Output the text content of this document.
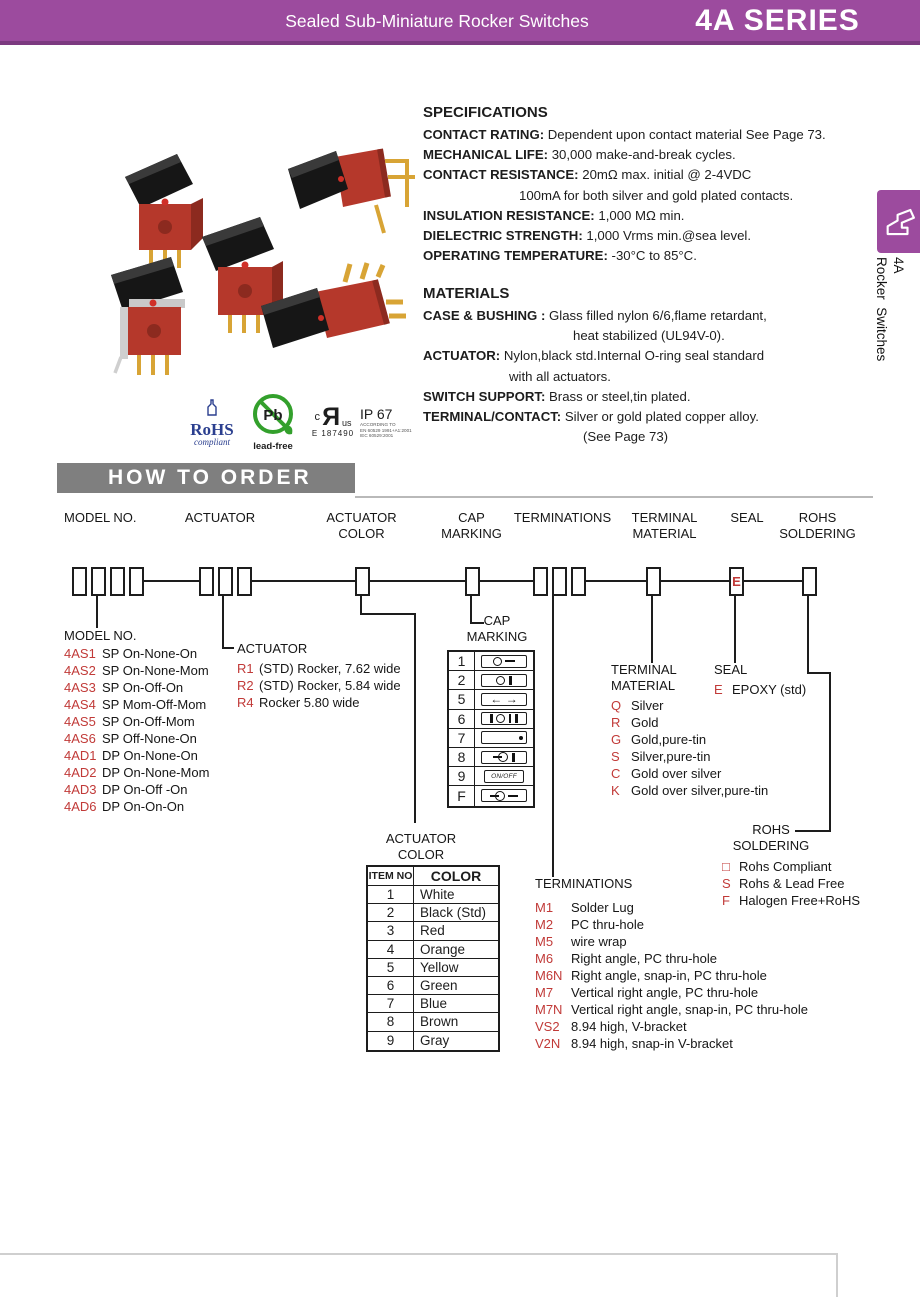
Sealed Sub-Miniature Rocker Switches	4A SERIES
RoHS
compliant
Pb
lead-free
c R us
E 187490
IP 67
ACCORDING TO
EN 60529 1991+A1:2001
IEC 60529:2001
SPECIFICATIONS
CONTACT RATING: Dependent upon contact material See Page 73.
MECHANICAL LIFE: 30,000 make-and-break cycles.
CONTACT RESISTANCE: 20mΩ max. initial @ 2-4VDC
100mA for both silver and gold plated contacts.
INSULATION RESISTANCE: 1,000 MΩ min.
DIELECTRIC STRENGTH: 1,000 Vrms min.@sea level.
OPERATING TEMPERATURE: -30°C to 85°C.
MATERIALS
CASE & BUSHING : Glass filled nylon 6/6,flame retardant,
heat stabilized (UL94V-0).
ACTUATOR: Nylon,black std.Internal O-ring seal standard
with all actuators.
SWITCH SUPPORT: Brass or steel,tin plated.
TERMINAL/CONTACT: Silver or gold plated copper alloy.
(See Page 73)
4A
Rocker  Switches
HOW TO ORDER
MODEL NO.	ACTUATOR	ACTUATOR
COLOR
CAP
MARKING
TERMINATIONS	TERMINAL
MATERIAL
SEAL	ROHS
SOLDERING
E
MODEL NO.
4AS1 SP On-None-On
4AS2 SP On-None-Mom
4AS3 SP On-Off-On
4AS4 SP Mom-Off-Mom
4AS5 SP On-Off-Mom
4AS6 SP Off-None-On
4AD1 DP On-None-On
4AD2 DP On-None-Mom
4AD3 DP On-Off -On
4AD6 DP On-On-On
ACTUATOR
R1 (STD) Rocker, 7.62 wide
R2 (STD) Rocker, 5.84 wide
R4 Rocker 5.80 wide
CAP
MARKING
1
2
5	← →
6
7
8
9	ON/OFF
F
ACTUATOR
COLOR
ITEM NO	COLOR
1	White
2	Black (Std)
3	Red
4	Orange
5	Yellow
6	Green
7	Blue
8	Brown
9	Gray
TERMINATIONS
M1	Solder Lug
M2	PC thru-hole
M5	wire wrap
M6	Right angle, PC thru-hole
M6N Right angle, snap-in, PC thru-hole
M7	Vertical right angle, PC thru-hole
M7N Vertical right angle, snap-in, PC thru-hole
VS2 8.94 high, V-bracket
V2N 8.94 high, snap-in V-bracket
TERMINAL
MATERIAL
Q Silver
R Gold
G Gold,pure-tin
S Silver,pure-tin
C Gold over silver
K Gold over silver,pure-tin
SEAL
E EPOXY (std)
ROHS
SOLDERING
□ Rohs Compliant
S Rohs & Lead Free
F Halogen Free+RoHS
